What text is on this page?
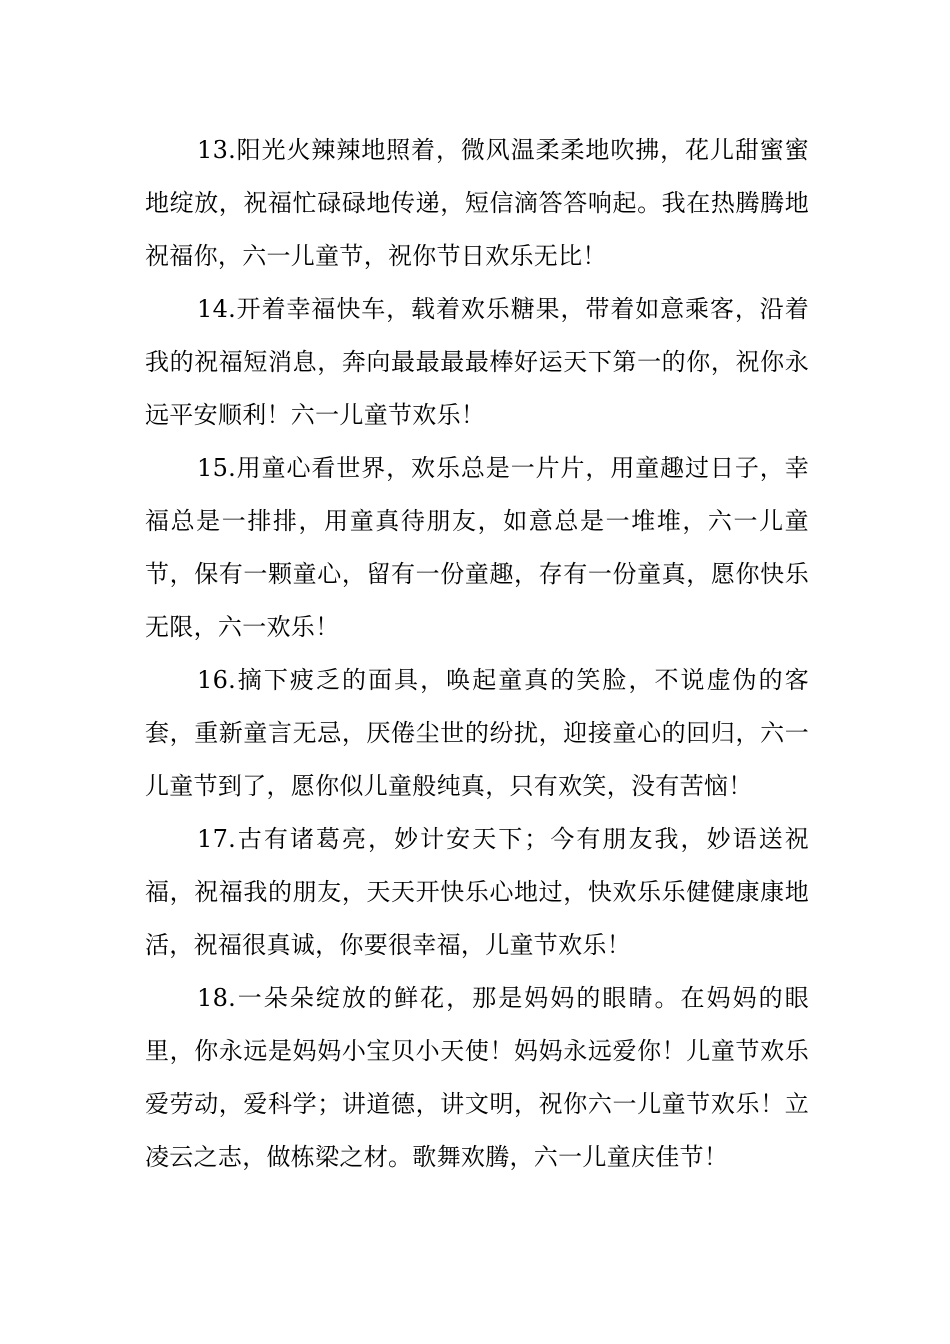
13.阳光火辣辣地照着，微风温柔柔地吹拂，花儿甜蜜蜜地绽放，祝福忙碌碌地传递，短信滴答答响起。我在热腾腾地祝福你，六一儿童节，祝你节日欢乐无比！

14.开着幸福快车，载着欢乐糖果，带着如意乘客，沿着我的祝福短消息，奔向最最最最棒好运天下第一的你，祝你永远平安顺利！六一儿童节欢乐！

15.用童心看世界，欢乐总是一片片，用童趣过日子，幸福总是一排排，用童真待朋友，如意总是一堆堆，六一儿童节，保有一颗童心，留有一份童趣，存有一份童真，愿你快乐无限，六一欢乐！

16.摘下疲乏的面具，唤起童真的笑脸，不说虚伪的客套，重新童言无忌，厌倦尘世的纷扰，迎接童心的回归，六一儿童节到了，愿你似儿童般纯真，只有欢笑，没有苦恼！

17.古有诸葛亮，妙计安天下；今有朋友我，妙语送祝福，祝福我的朋友，天天开快乐心地过，快欢乐乐健健康康地活，祝福很真诚，你要很幸福，儿童节欢乐！

18.一朵朵绽放的鲜花，那是妈妈的眼睛。在妈妈的眼里，你永远是妈妈小宝贝小天使！妈妈永远爱你！儿童节欢乐爱劳动，爱科学；讲道德，讲文明，祝你六一儿童节欢乐！立凌云之志，做栋梁之材。歌舞欢腾，六一儿童庆佳节！
